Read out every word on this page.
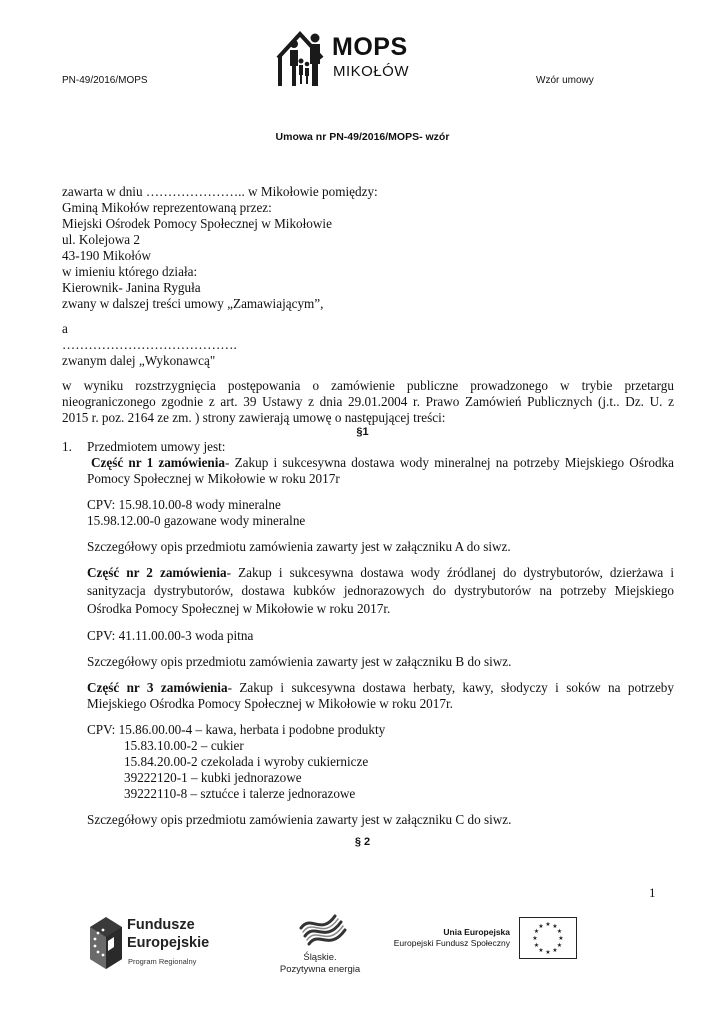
PN-49/2016/MOPS	Wzór umowy
MOPS
MIKOŁÓW
Umowa nr PN-49/2016/MOPS- wzór
zawarta w dniu ………………….. w Mikołowie pomiędzy:
Gminą Mikołów reprezentowaną przez:
Miejski Ośrodek Pomocy Społecznej w Mikołowie
ul. Kolejowa 2
43-190 Mikołów
w imieniu którego działa:
Kierownik- Janina Ryguła
zwany w dalszej treści umowy „Zamawiającym”,
a
………………………………….
zwanym dalej „Wykonawcą"
w wyniku rozstrzygnięcia postępowania o zamówienie publiczne prowadzonego w trybie przetargu
nieograniczonego zgodnie z art. 39 Ustawy z dnia 29.01.2004 r. Prawo Zamówień Publicznych (j.t.. Dz. U. z
2015 r. poz. 2164 ze zm. ) strony zawierają umowę o następującej treści:
§1
1. Przedmiotem umowy jest:
Część nr 1 zamówienia- Zakup i sukcesywna dostawa wody mineralnej na potrzeby Miejskiego Ośrodka
Pomocy Społecznej w Mikołowie w roku 2017r
CPV: 15.98.10.00-8 wody mineralne
15.98.12.00-0 gazowane wody mineralne
Szczegółowy opis przedmiotu zamówienia zawarty jest w załączniku A do siwz.
Część nr 2 zamówienia- Zakup i sukcesywna dostawa wody źródlanej do dystrybutorów, dzierżawa i
sanityzacja dystrybutorów, dostawa kubków jednorazowych do dystrybutorów na potrzeby Miejskiego
Ośrodka Pomocy Społecznej w Mikołowie w roku 2017r.
CPV: 41.11.00.00-3 woda pitna
Szczegółowy opis przedmiotu zamówienia zawarty jest w załączniku B do siwz.
Część nr 3 zamówienia- Zakup i sukcesywna dostawa herbaty, kawy, słodyczy i soków na potrzeby
Miejskiego Ośrodka Pomocy Społecznej w Mikołowie w roku 2017r.
CPV: 15.86.00.00-4 – kawa, herbata i podobne produkty
15.83.10.00-2 – cukier
15.84.20.00-2 czekolada i wyroby cukiernicze
39222120-1 – kubki jednorazowe
39222110-8 – sztućce i talerze jednorazowe
Szczegółowy opis przedmiotu zamówienia zawarty jest w załączniku C do siwz.
§ 2
1
Fundusze
Europejskie
Program Regionalny	Śląskie.
Pozytywna energia
Unia Europejska
Europejski Fundusz Społeczny
★ ★
★
★
★
★
★
★
★
★
★
★
